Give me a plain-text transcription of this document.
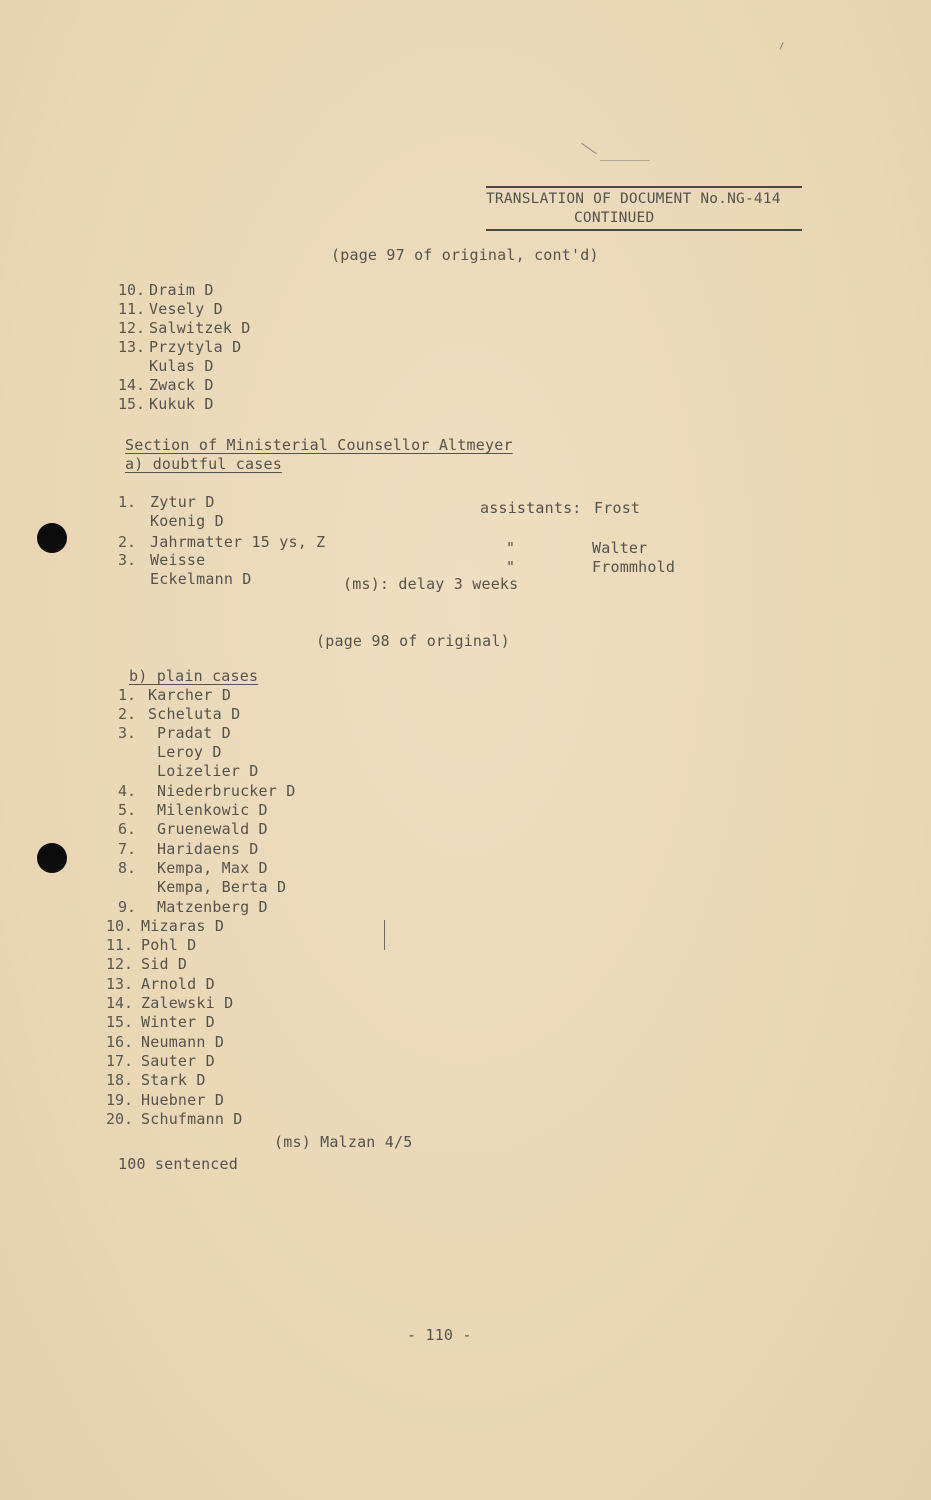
TRANSLATION OF DOCUMENT No.NG-414
CONTINUED
(page 97 of original, cont'd)
10. Draim D
11. Vesely D
12. Salwitzek D
13. Przytyla D
Kulas D
14. Zwack D
15. Kukuk D
Section of Ministerial Counsellor Altmeyer
a) doubtful cases
1. Zytur D
Koenig D
2. Jahrmatter 15 ys, Z
3. Weisse
Eckelmann D
assistants: Frost
"	Walter
"	Frommhold
(ms): delay 3 weeks
(page 98 of original)
b) plain cases
1. Karcher D
2. Scheluta D
3. Pradat D
Leroy D
Loizelier D
4. Niederbrucker D
5. Milenkowic D
6. Gruenewald D
7. Haridaens D
8. Kempa, Max D
Kempa, Berta D
9. Matzenberg D
10. Mizaras D
11. Pohl D
12. Sid D
13. Arnold D
14. Zalewski D
15. Winter D
16. Neumann D
17. Sauter D
18. Stark D
19. Huebner D
20. Schufmann D
(ms) Malzan 4/5
100 sentenced
- 110 -
